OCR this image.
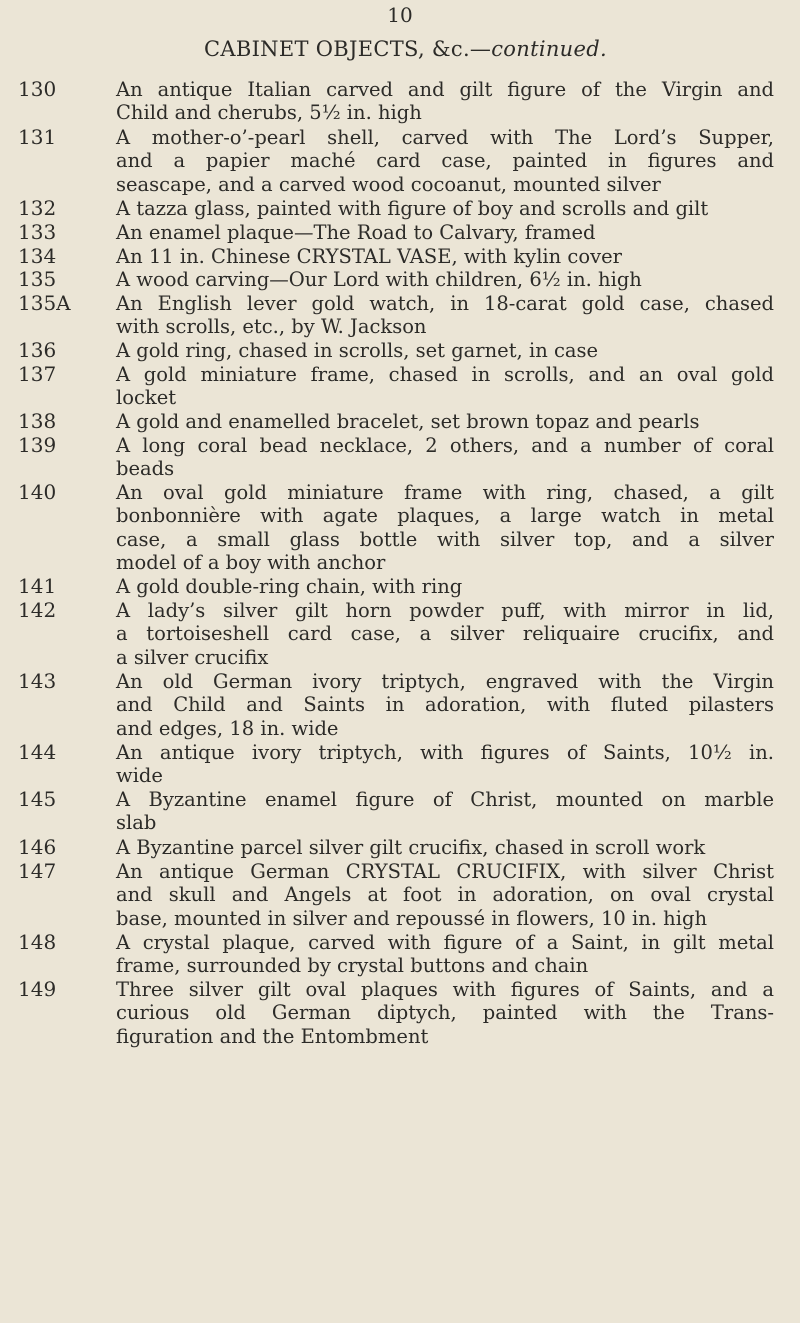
10
CABINET OBJECTS, &c.—continued.
130	An antique Italian carved and gilt figure of the Virgin and
Child and cherubs, 5½ in. high
131	A mother-o’-pearl shell, carved with The Lord’s Supper,
and a papier maché card case, painted in figures and
seascape, and a carved wood cocoanut, mounted silver
132	A tazza glass, painted with figure of boy and scrolls and gilt
133	An enamel plaque—The Road to Calvary, framed
134	An 11 in. Chinese CRYSTAL VASE, with kylin cover
135	A wood carving—Our Lord with children, 6½ in. high
135A	An English lever gold watch, in 18-carat gold case, chased
with scrolls, etc., by W. Jackson
136	A gold ring, chased in scrolls, set garnet, in case
137	A gold miniature frame, chased in scrolls, and an oval gold
locket
138	A gold and enamelled bracelet, set brown topaz and pearls
139	A long coral bead necklace, 2 others, and a number of coral
beads
140	An oval gold miniature frame with ring, chased, a gilt
bonbonnière with agate plaques, a large watch in metal
case, a small glass bottle with silver top, and a silver
model of a boy with anchor
141	A gold double-ring chain, with ring
142	A lady’s silver gilt horn powder puff, with mirror in lid,
a tortoiseshell card case, a silver reliquaire crucifix, and
a silver crucifix
143	An old German ivory triptych, engraved with the Virgin
and Child and Saints in adoration, with fluted pilasters
and edges, 18 in. wide
144	An antique ivory triptych, with figures of Saints, 10½ in.
wide
145	A Byzantine enamel figure of Christ, mounted on marble
slab
146	A Byzantine parcel silver gilt crucifix, chased in scroll work
147	An antique German CRYSTAL CRUCIFIX, with silver Christ
and skull and Angels at foot in adoration, on oval crystal
base, mounted in silver and repoussé in flowers, 10 in. high
148	A crystal plaque, carved with figure of a Saint, in gilt metal
frame, surrounded by crystal buttons and chain
149	Three silver gilt oval plaques with figures of Saints, and a
curious old German diptych, painted with the Trans-
figuration and the Entombment
